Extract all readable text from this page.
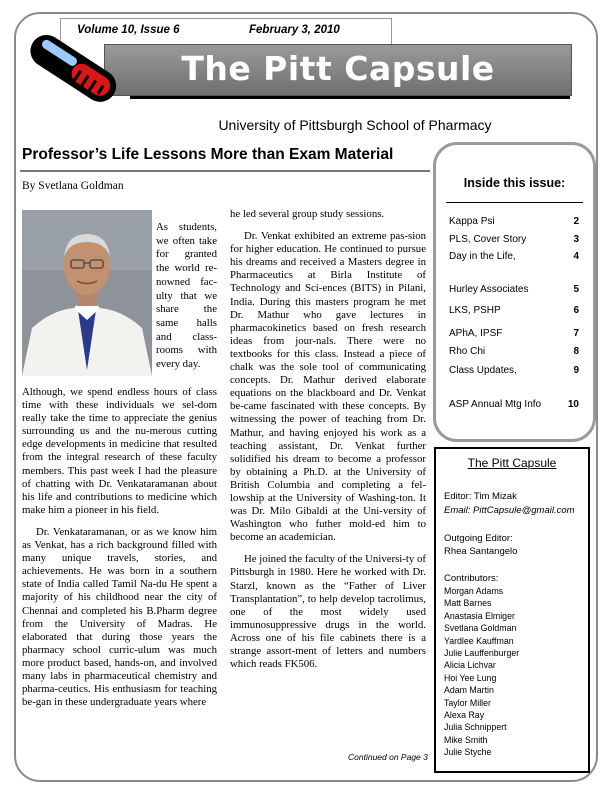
Volume 10, Issue 6	February 3, 2010
The Pitt Capsule
University of Pittsburgh School of Pharmacy
Professor’s Life Lessons More than Exam Material
By Svetlana Goldman

As students, we often take for granted the world re-nowned fac-ulty that we share the same halls and class-rooms with every day.

Although, we spend endless hours of class time with these individuals we sel-dom really take the time to appreciate the genius surrounding us and the nu-merous cutting edge developments in medicine that resulted from the integral research of these faculty members. This past week I had the pleasure of chatting with Dr. Venkataramanan about his life and contributions to medicine which make him a pioneer in his field.

Dr. Venkataramanan, or as we know him as Venkat, has a rich background filled with many unique travels, stories, and achievements. He was born in a southern state of India called Tamil Na-du He spent a majority of his childhood near the city of Chennai and completed his B.Pharm degree from the University of Madras. He elaborated that during those years the pharmacy school curric-ulum was much more product based, hands-on, and involved many labs in pharmaceutical chemistry and pharma-ceutics. His enthusiasm for teaching be-gan in these undergraduate years where

he led several group study sessions.

Dr. Venkat exhibited an extreme pas-sion for higher education. He continued to pursue his dreams and received a Masters degree in Pharmaceutics at Birla Institute of Technology and Sci-ences (BITS) in Pilani, India. During this masters program he met Dr. Mathur who gave lectures in pharmacokinetics based on fresh research ideas from jour-nals. There were no textbooks for this class. Instead a piece of chalk was the sole tool of communicating concepts. Dr. Mathur derived elaborate equations on the blackboard and Dr. Venkat be-came fascinated with these concepts. By witnessing the power of teaching from Dr. Mathur, and having enjoyed his work as a teaching assistant, Dr. Venkat further solidified his dream to become a professor by obtaining a Ph.D. at the University of British Columbia and completing a fel-lowship at the University of Washing-ton. It was Dr. Milo Gibaldi at the Uni-versity of Washington who futher mold-ed him to become an academician.

He joined the faculty of the Universi-ty of Pittsburgh in 1980. Here he worked with Dr. Starzl, known as the “Father of Liver Transplantation”, to help develop tacrolimus, one of the most widely used immunosuppressive drugs in the world. Across one of his file cabinets there is a strange assort-ment of letters and numbers which reads FK506.

Continued on Page 3
Inside this issue:
Kappa Psi	2
PLS, Cover Story	3
Day in the Life,	4
Hurley Associates	5
LKS, PSHP	6
APhA, IPSF	7
Rho Chi	8
Class Updates,	9
ASP Annual Mtg Info	10
The Pitt Capsule
Editor: Tim Mizak
Email: PittCapsule@gmail.com
Outgoing Editor:
Rhea Santangelo
Contributors:
Morgan Adams
Matt Barnes
Anastasia Elmiger
Svetlana Goldman
Yardlee Kauffman
Julie Lauffenburger
Alicia Lichvar
Hoi Yee Lung
Adam Martin
Taylor Miller
Alexa Ray
Julia Schnippert
Mike Smith
Julie Styche
